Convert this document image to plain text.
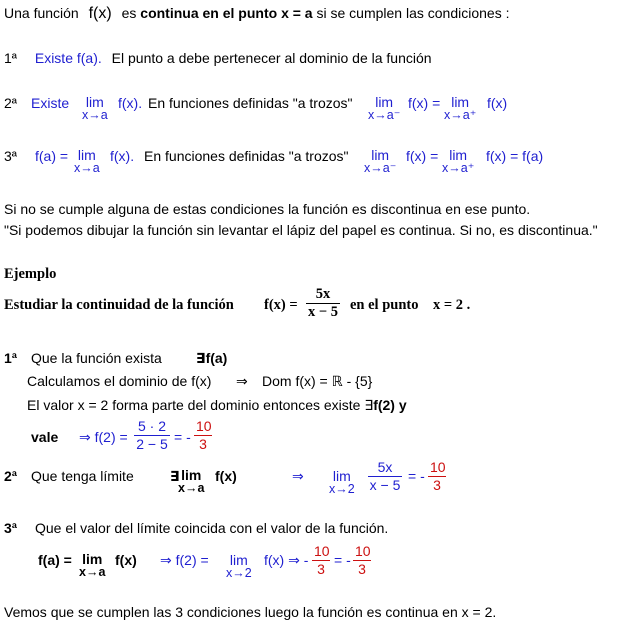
Una función f(x) es continua en el punto x = a si se cumplen las condiciones :
1ª Existe f(a). El punto a debe pertenecer al dominio de la función
2ª Existe lim
x→a
f(x). En funciones definidas "a trozos"	lim
x→a⁻
f(x) = lim
x→a⁺
f(x)
3ª f(a) = lim
x→a
f(x). En funciones definidas "a trozos"	lim
x→a⁻
f(x) = lim
x→a⁺
f(x) = f(a)
Si no se cumple alguna de estas condiciones la función es discontinua en ese punto.
"Si podemos dibujar la función sin levantar el lápiz del papel es continua. Si no, es discontinua."
Ejemplo
Estudiar la continuidad de la función $f(x) = \frac{5x}{x - 5}$ en el punto x = 2 .
1ª Que la función exista ∃f(a)
Calculamos el dominio de f(x) ⇒ Dom f(x) = ℝ - {5}
El valor x = 2 forma parte del dominio entonces existe ∃f(2) y
vale ⇒ $f(2) = \frac{5 \cdot 2}{2 - 5}$ = - $\frac{10}{3}$
2ª Que tenga límite	∃ lim
x→a
f(x)	⇒ lim
$x\to 2 \frac{5x}{x - 5}$ = - $\frac{10}{3}$
3ª Que el valor del límite coincida con el valor de la función.
f(a) = lim
x→a
f(x) ⇒ f(2) = lim
x→2
f(x) ⇒ - $\frac{10}{3}$ = - $\frac{10}{3}$
Vemos que se cumplen las 3 condiciones luego la función es continua en x = 2.
